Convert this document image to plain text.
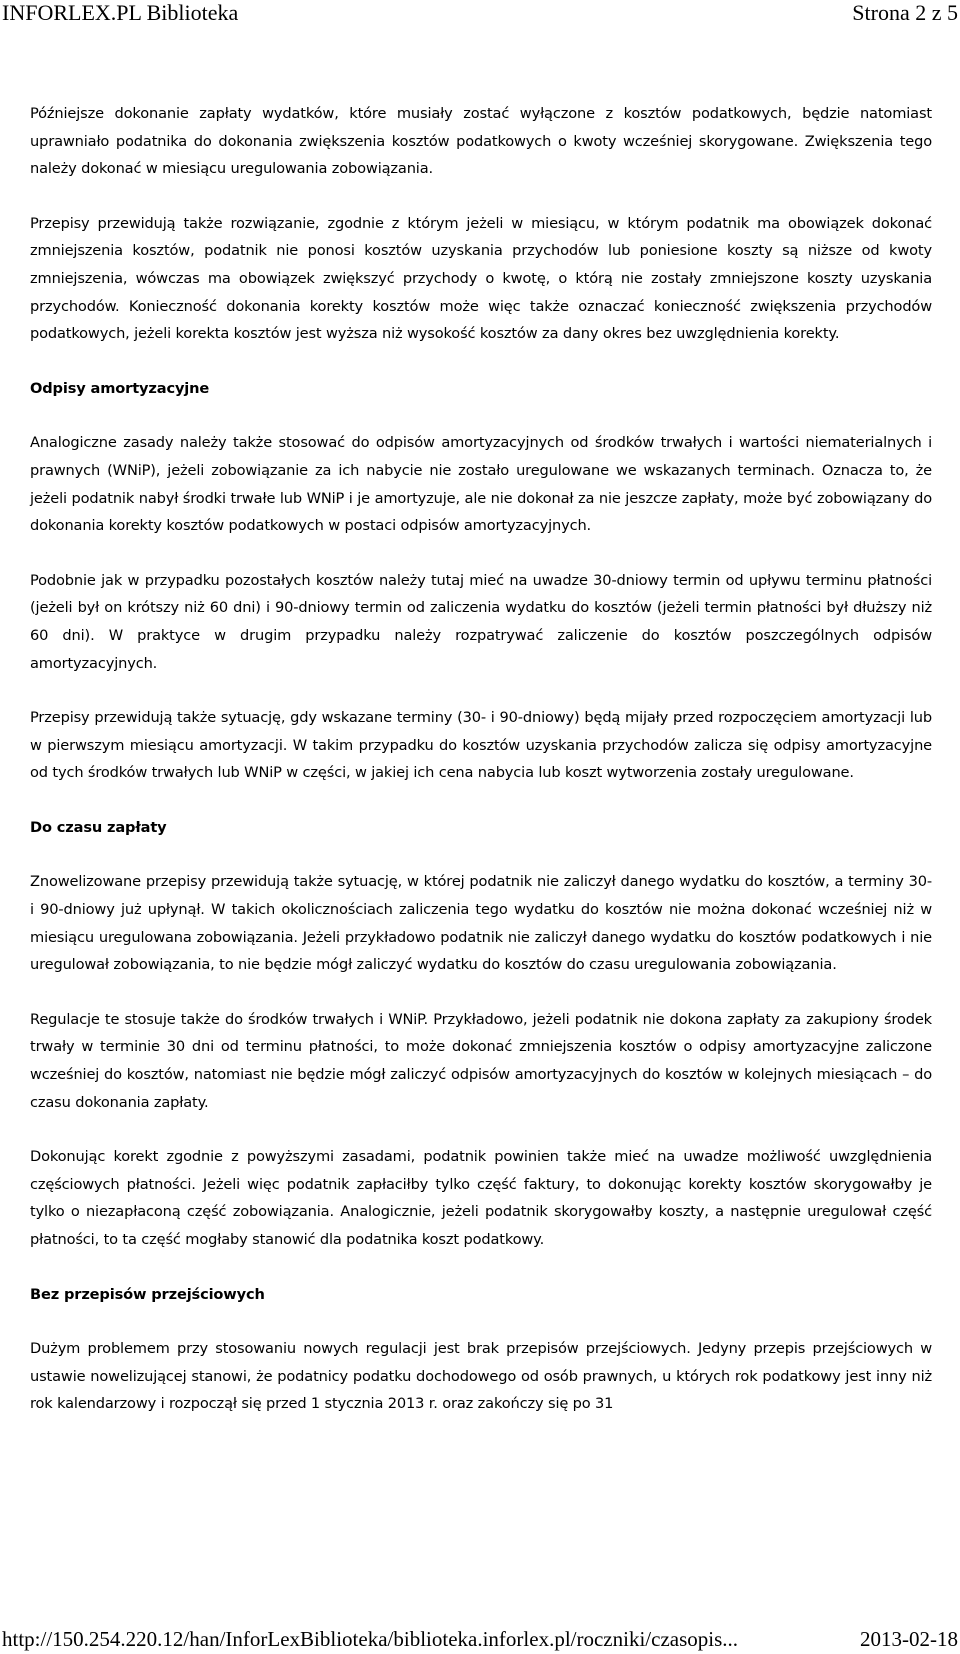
INFORLEX.PL Biblioteka	Strona 2 z 5

Późniejsze dokonanie zapłaty wydatków, które musiały zostać wyłączone z kosztów podatkowych, będzie natomiast uprawniało podatnika do dokonania zwiększenia kosztów podatkowych o kwoty wcześniej skorygowane. Zwiększenia tego należy dokonać w miesiącu uregulowania zobowiązania.

Przepisy przewidują także rozwiązanie, zgodnie z którym jeżeli w miesiącu, w którym podatnik ma obowiązek dokonać zmniejszenia kosztów, podatnik nie ponosi kosztów uzyskania przychodów lub poniesione koszty są niższe od kwoty zmniejszenia, wówczas ma obowiązek zwiększyć przychody o kwotę, o którą nie zostały zmniejszone koszty uzyskania przychodów. Konieczność dokonania korekty kosztów może więc także oznaczać konieczność zwiększenia przychodów podatkowych, jeżeli korekta kosztów jest wyższa niż wysokość kosztów za dany okres bez uwzględnienia korekty.

Odpisy amortyzacyjne

Analogiczne zasady należy także stosować do odpisów amortyzacyjnych od środków trwałych i wartości niematerialnych i prawnych (WNiP), jeżeli zobowiązanie za ich nabycie nie zostało uregulowane we wskazanych terminach. Oznacza to, że jeżeli podatnik nabył środki trwałe lub WNiP i je amortyzuje, ale nie dokonał za nie jeszcze zapłaty, może być zobowiązany do dokonania korekty kosztów podatkowych w postaci odpisów amortyzacyjnych.

Podobnie jak w przypadku pozostałych kosztów należy tutaj mieć na uwadze 30-dniowy termin od upływu terminu płatności (jeżeli był on krótszy niż 60 dni) i 90-dniowy termin od zaliczenia wydatku do kosztów (jeżeli termin płatności był dłuższy niż 60 dni). W praktyce w drugim przypadku należy rozpatrywać zaliczenie do kosztów poszczególnych odpisów amortyzacyjnych.

Przepisy przewidują także sytuację, gdy wskazane terminy (30- i 90-dniowy) będą mijały przed rozpoczęciem amortyzacji lub w pierwszym miesiącu amortyzacji. W takim przypadku do kosztów uzyskania przychodów zalicza się odpisy amortyzacyjne od tych środków trwałych lub WNiP w części, w jakiej ich cena nabycia lub koszt wytworzenia zostały uregulowane.

Do czasu zapłaty

Znowelizowane przepisy przewidują także sytuację, w której podatnik nie zaliczył danego wydatku do kosztów, a terminy 30- i 90-dniowy już upłynął. W takich okolicznościach zaliczenia tego wydatku do kosztów nie można dokonać wcześniej niż w miesiącu uregulowana zobowiązania. Jeżeli przykładowo podatnik nie zaliczył danego wydatku do kosztów podatkowych i nie uregulował zobowiązania, to nie będzie mógł zaliczyć wydatku do kosztów do czasu uregulowania zobowiązania.

Regulacje te stosuje także do środków trwałych i WNiP. Przykładowo, jeżeli podatnik nie dokona zapłaty za zakupiony środek trwały w terminie 30 dni od terminu płatności, to może dokonać zmniejszenia kosztów o odpisy amortyzacyjne zaliczone wcześniej do kosztów, natomiast nie będzie mógł zaliczyć odpisów amortyzacyjnych do kosztów w kolejnych miesiącach – do czasu dokonania zapłaty.

Dokonując korekt zgodnie z powyższymi zasadami, podatnik powinien także mieć na uwadze możliwość uwzględnienia częściowych płatności. Jeżeli więc podatnik zapłaciłby tylko część faktury, to dokonując korekty kosztów skorygowałby je tylko o niezapłaconą część zobowiązania. Analogicznie, jeżeli podatnik skorygowałby koszty, a następnie uregulował część płatności, to ta część mogłaby stanowić dla podatnika koszt podatkowy.

Bez przepisów przejściowych

Dużym problemem przy stosowaniu nowych regulacji jest brak przepisów przejściowych. Jedyny przepis przejściowych w ustawie nowelizującej stanowi, że podatnicy podatku dochodowego od osób prawnych, u których rok podatkowy jest inny niż rok kalendarzowy i rozpoczął się przed 1 stycznia 2013 r. oraz zakończy się po 31

http://150.254.220.12/han/InforLexBiblioteka/biblioteka.inforlex.pl/roczniki/czasopis...	2013-02-18
